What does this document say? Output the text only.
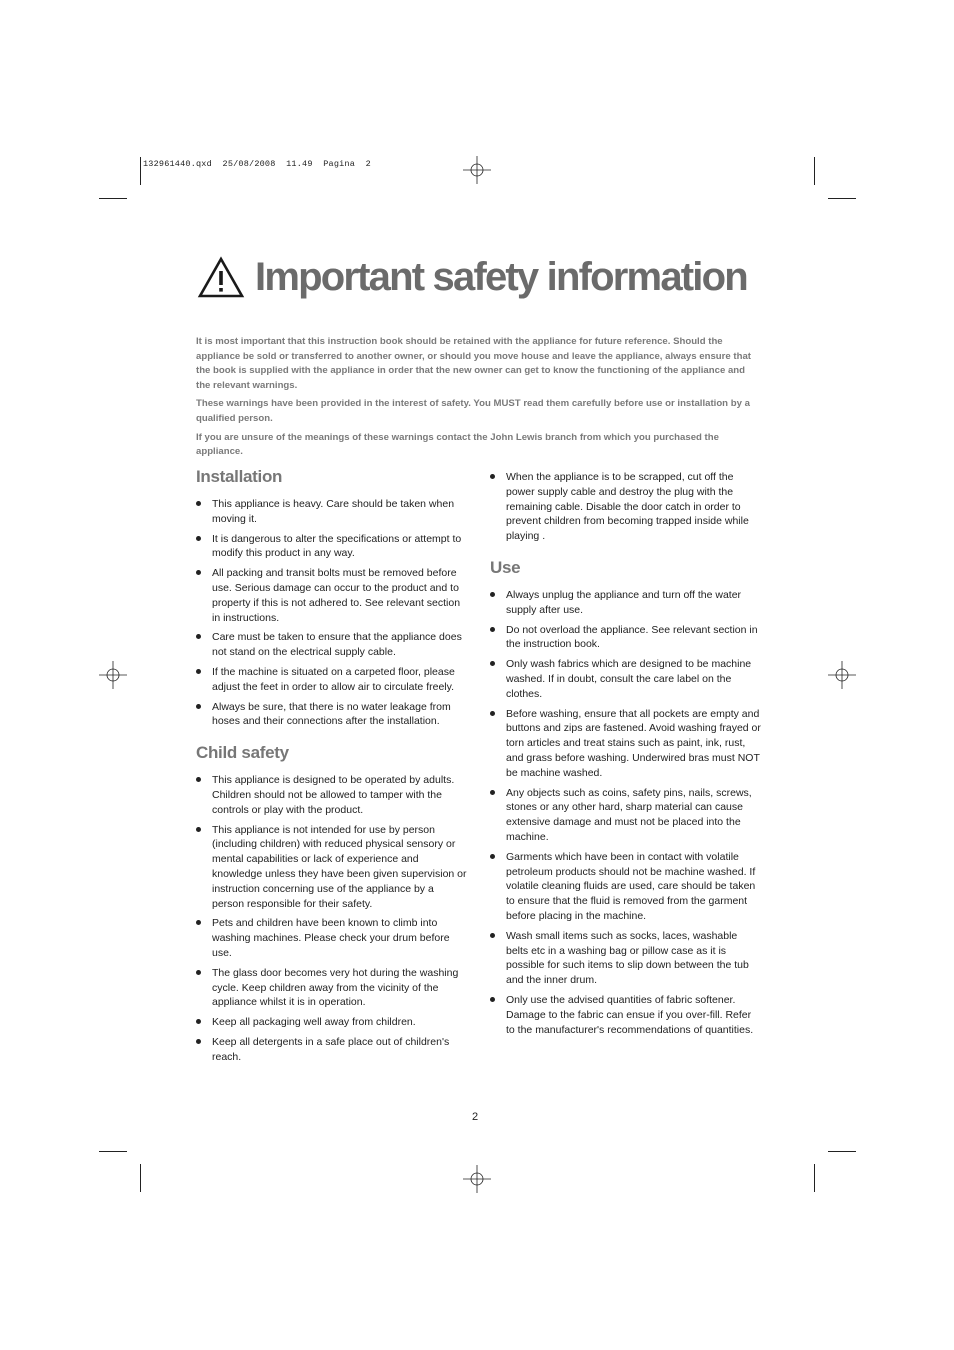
132961440.qxd  25/08/2008  11.49  Pagina  2
Important safety information

It is most important that this instruction book should be retained with the appliance for future reference. Should the appliance be sold or transferred to another owner, or should you move house and leave the appliance, always ensure that the book is supplied with the appliance in order that the new owner can get to know the functioning of the appliance and the relevant warnings.

These warnings have been provided in the interest of safety. You MUST read them carefully before use or installation by a qualified person.

If you are unsure of the meanings of these warnings contact the John Lewis branch from which you purchased the appliance.

Installation
This appliance is heavy. Care should be taken when moving it.
It is dangerous to alter the specifications or attempt to modify this product in any way.
All packing and transit bolts must be removed before use. Serious damage can occur to the product and to property if this is not adhered to. See relevant section in instructions.
Care must be taken to ensure that the appliance does not stand on the electrical supply cable.
If the machine is situated on a carpeted floor, please adjust the feet in order to allow air to circulate freely.
Always be sure, that there is no water leakage from hoses and their connections after the installation.
Child safety
This appliance is designed to be operated by adults. Children should not be allowed to tamper with the controls or play with the product.
This appliance is not intended for use by person (including children) with reduced physical sensory or mental capabilities or lack of experience and knowledge unless they have been given supervision or instruction concerning use of the appliance by a person responsible for their safety.
Pets and children have been known to climb into washing machines. Please check your drum before use.
The glass door becomes very hot during the washing cycle. Keep children away from the vicinity of the appliance whilst it is in operation.
Keep all packaging well away from children.
Keep all detergents in a safe place out of children's reach.
When the appliance is to be scrapped, cut off the power supply cable and destroy the plug with the remaining cable. Disable the door catch in order to prevent children from becoming trapped inside while playing .
Use
Always unplug the appliance and turn off the water supply after use.
Do not overload the appliance. See relevant section in the instruction book.
Only wash fabrics which are designed to be machine washed. If in doubt, consult the care label on the clothes.
Before washing, ensure that all pockets are empty and buttons and zips are fastened. Avoid washing frayed or torn articles and treat stains such as paint, ink, rust, and grass before washing. Underwired bras must NOT be machine washed.
Any objects such as coins, safety pins, nails, screws, stones or any other hard, sharp material can cause extensive damage and must not be placed into the machine.
Garments which have been in contact with volatile petroleum products should not be machine washed. If volatile cleaning fluids are used, care should be taken to ensure that the fluid is removed from the garment before placing in the machine.
Wash small items such as socks, laces, washable belts etc in a washing bag or pillow case as it is possible for such items to slip down between the tub and the inner drum.
Only use the advised quantities of fabric softener. Damage to the fabric can ensue if you over-fill. Refer to the manufacturer's recommendations of quantities.
2
